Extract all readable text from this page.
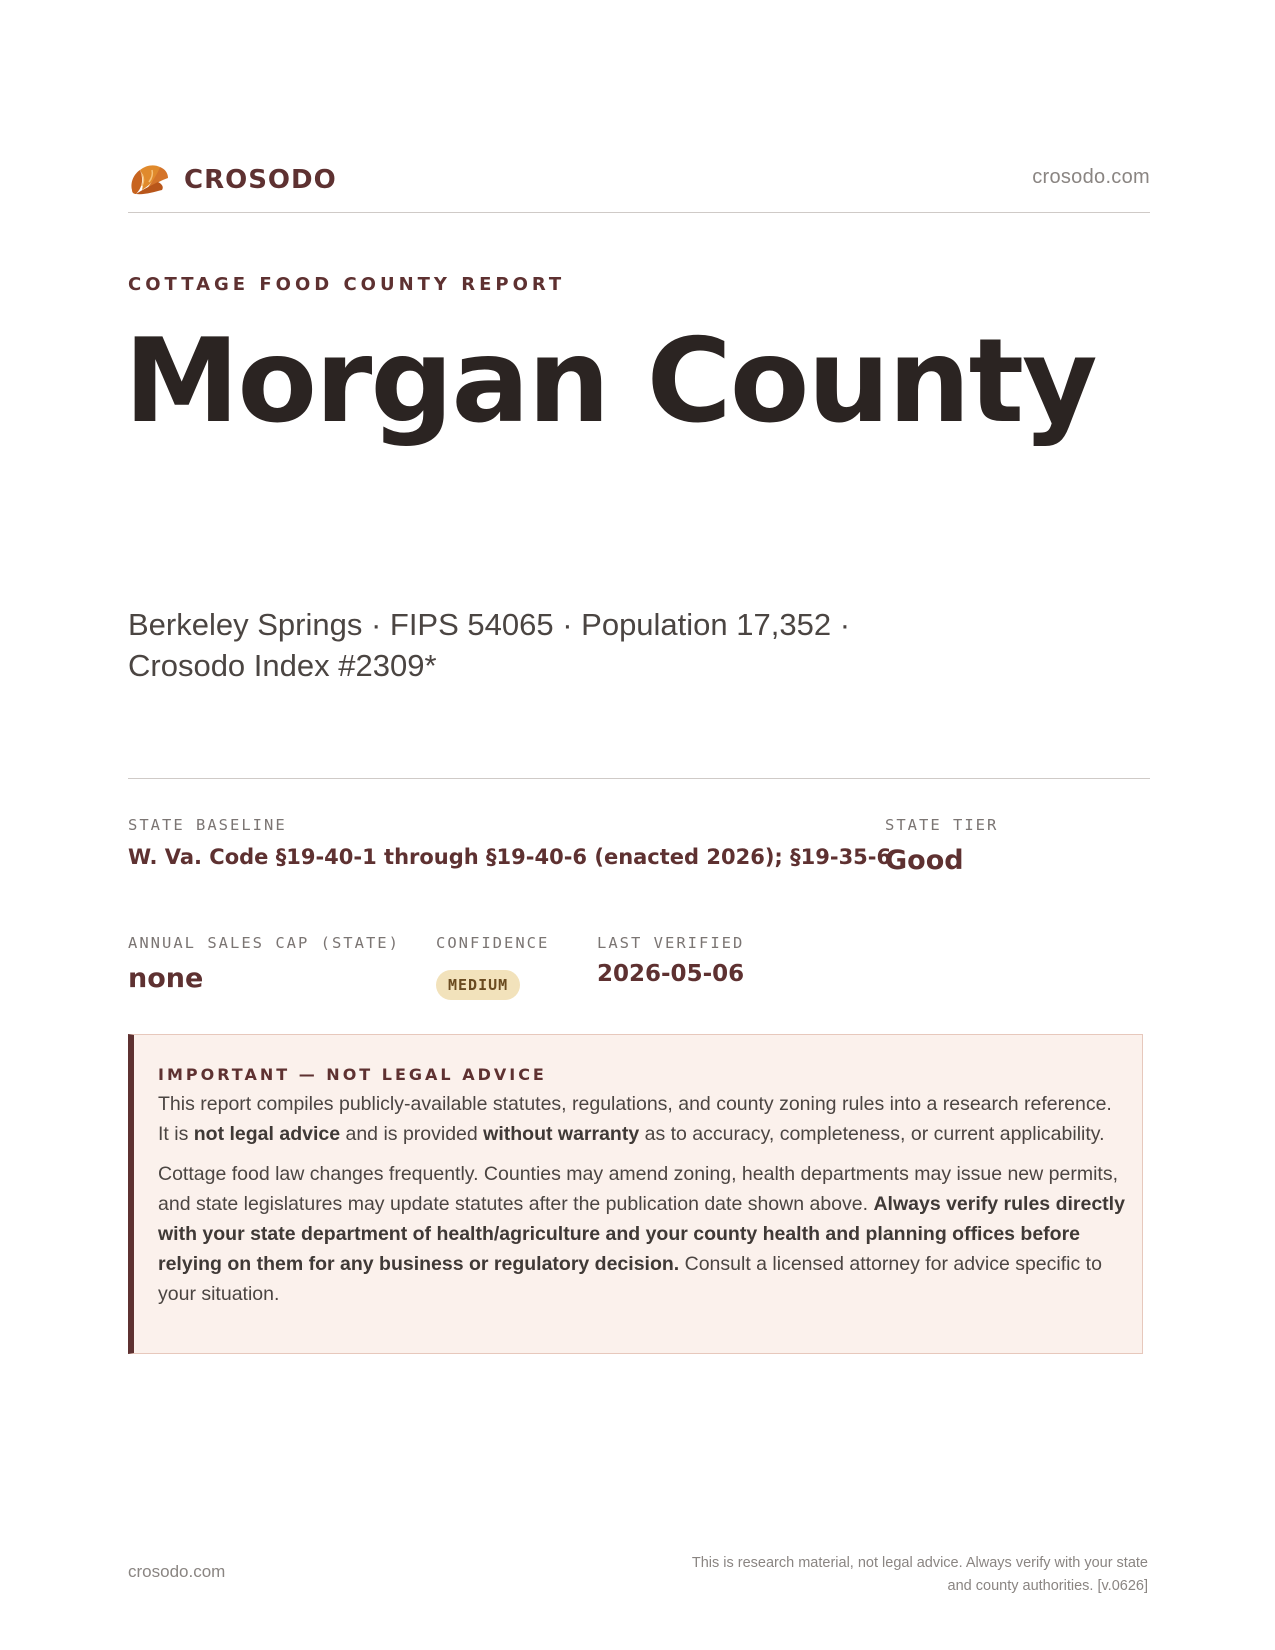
CROSODO	crosodo.com
COTTAGE FOOD COUNTY REPORT
Morgan County
Berkeley Springs · FIPS 54065 · Population 17,352 ·
Crosodo Index #2309*
STATE BASELINE
W. Va. Code §19-40-1 through §19-40-6 (enacted 2026); §19-35-6
STATE TIER
Good
ANNUAL SALES CAP (STATE)
none
CONFIDENCE
MEDIUM
LAST VERIFIED
2026-05-06
IMPORTANT — NOT LEGAL ADVICE

This report compiles publicly-available statutes, regulations, and county zoning rules into a research reference. It is not legal advice and is provided without warranty as to accuracy, completeness, or current applicability.

Cottage food law changes frequently. Counties may amend zoning, health departments may issue new permits, and state legislatures may update statutes after the publication date shown above. Always verify rules directly with your state department of health/agriculture and your county health and planning offices before relying on them for any business or regulatory decision. Consult a licensed attorney for advice specific to your situation.

crosodo.com	This is research material, not legal advice. Always verify with your state
and county authorities. [v.0626]
